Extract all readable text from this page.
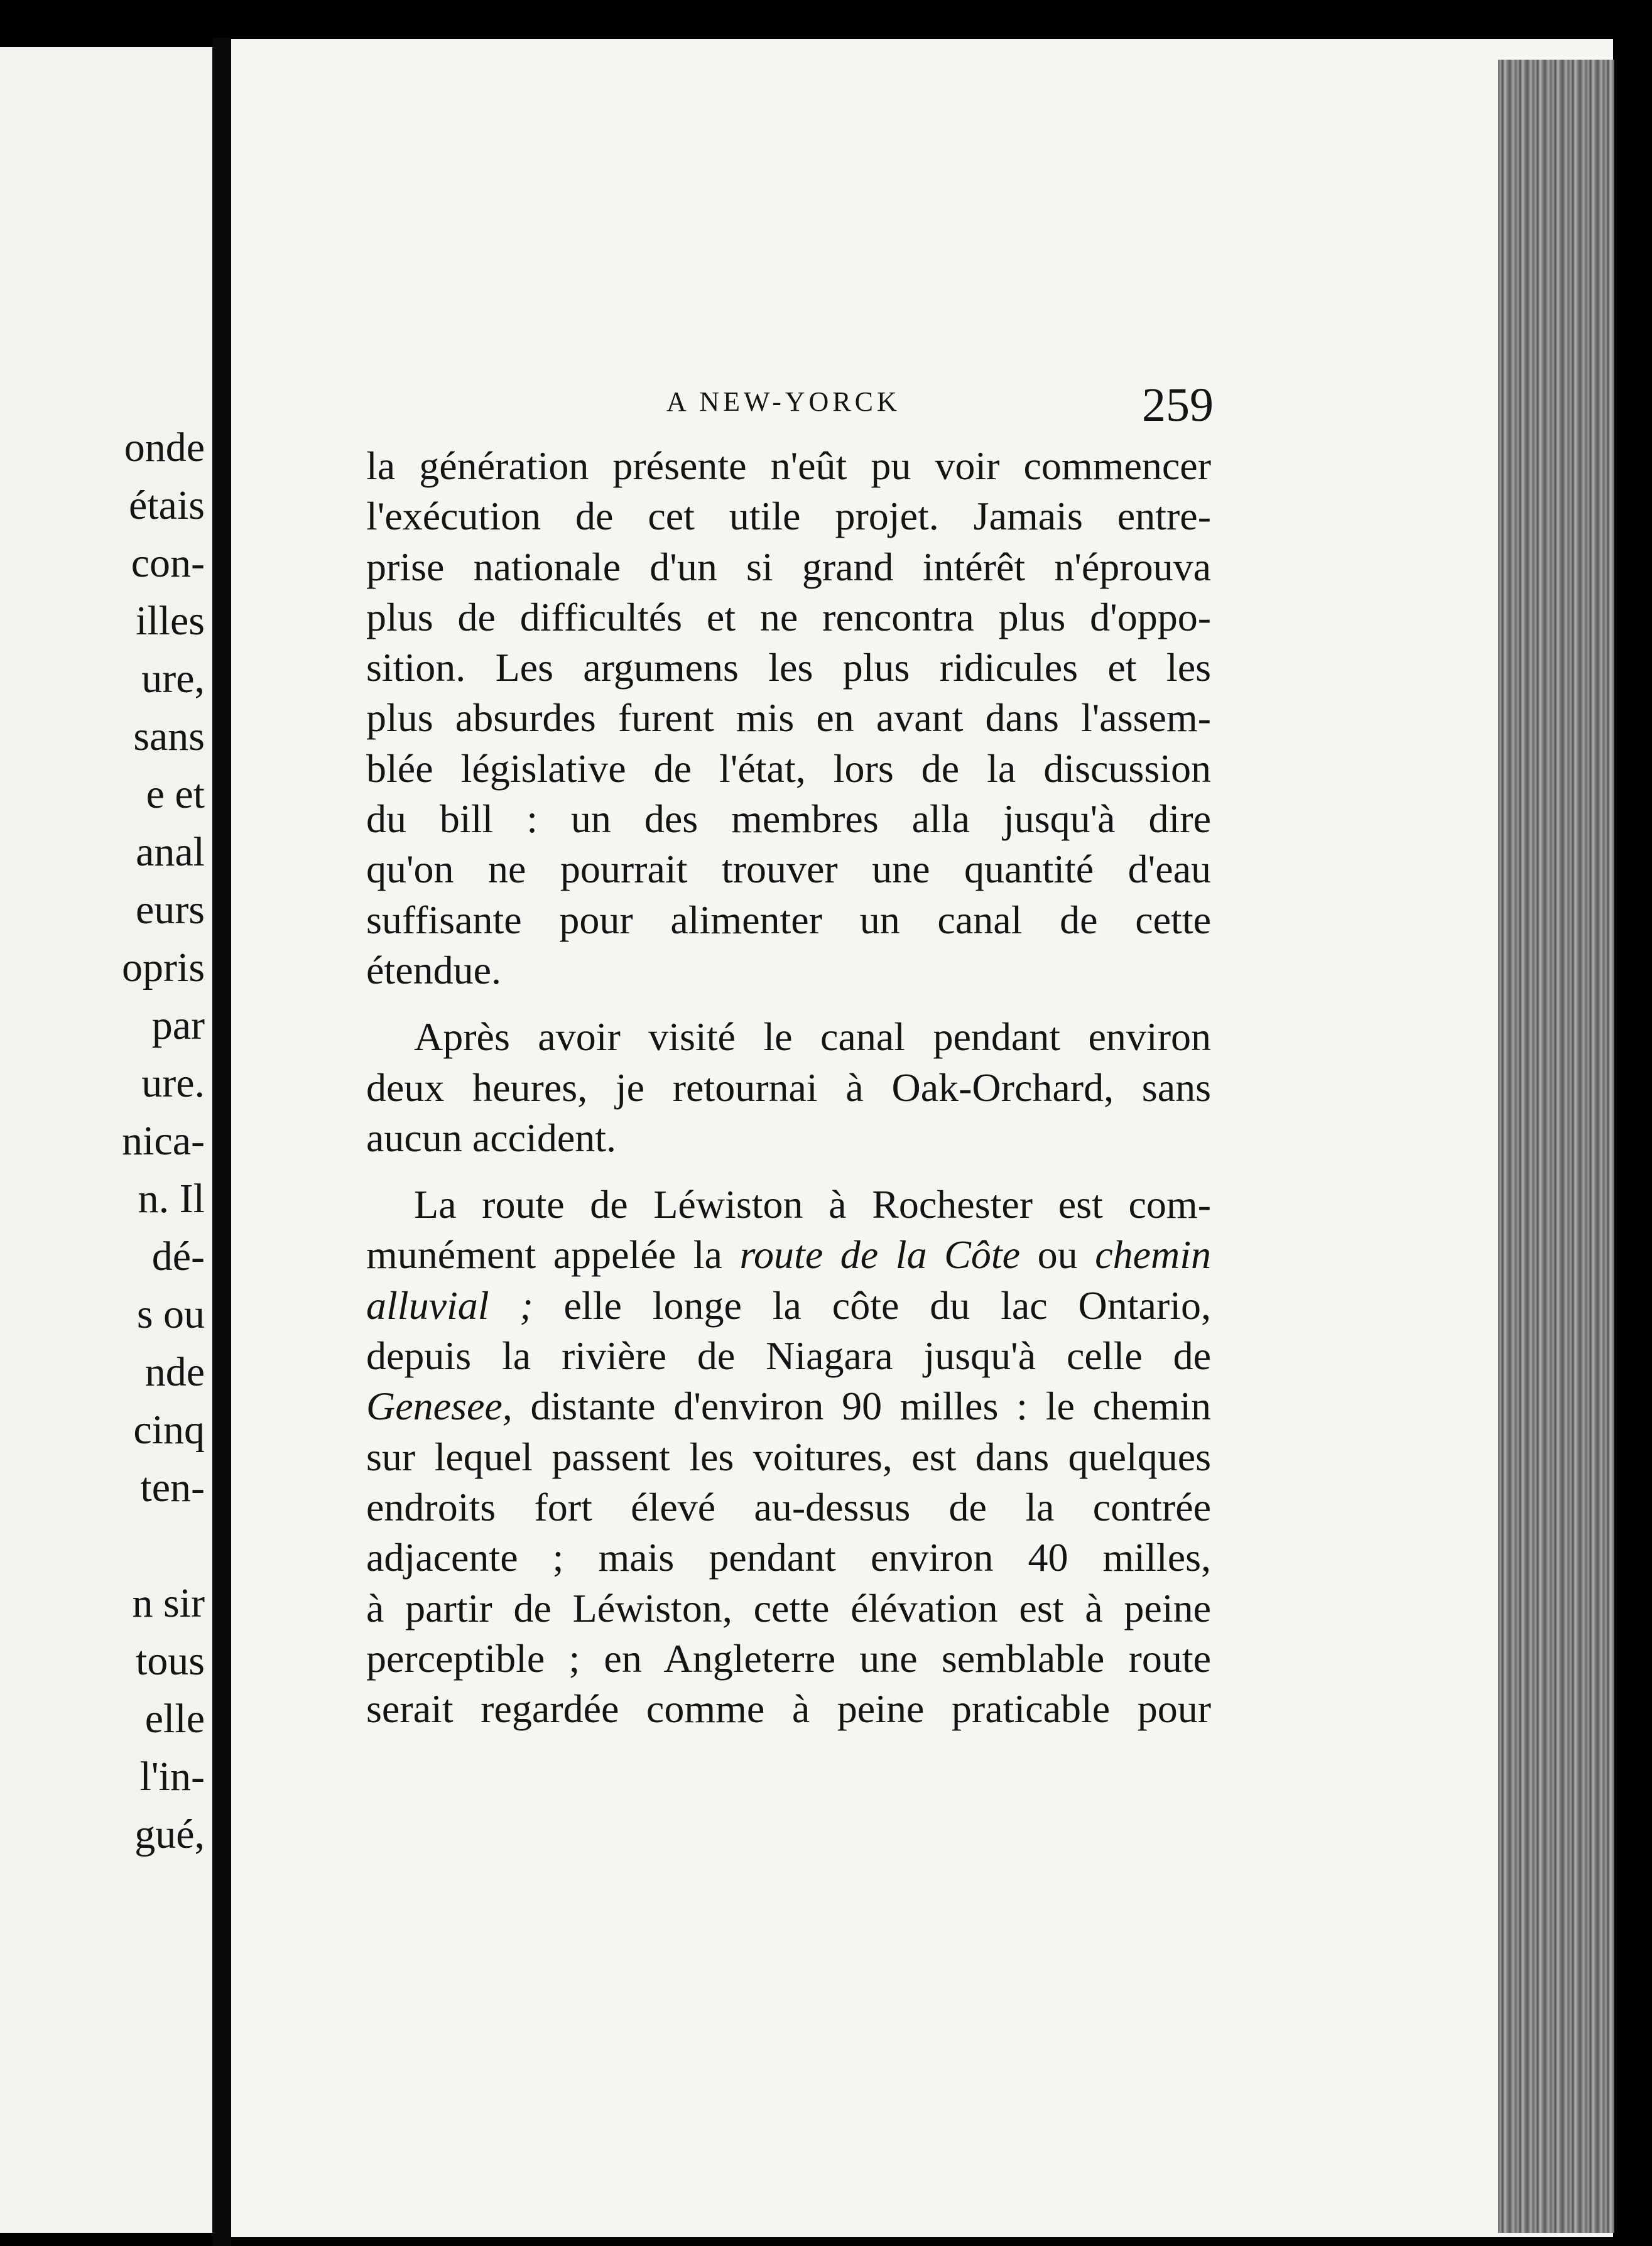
onde
étais
con-
illes
ure,
sans
e et
anal
eurs
opris
par
ure.
nica-
n. Il
dé-
s ou
nde
cinq
ten-
n sir
tous
elle
l'in-
gué,
A NEW-YORCK	259
la génération présente n'eût pu voir commencer
l'exécution de cet utile projet. Jamais entre-
prise nationale d'un si grand intérêt n'éprouva
plus de difficultés et ne rencontra plus d'oppo-
sition. Les argumens les plus ridicules et les
plus absurdes furent mis en avant dans l'assem-
blée législative de l'état, lors de la discussion
du bill : un des membres alla jusqu'à dire
qu'on ne pourrait trouver une quantité d'eau
suffisante pour alimenter un canal de cette
étendue.
Après avoir visité le canal pendant environ
deux heures, je retournai à Oak-Orchard, sans
aucun accident.
La route de Léwiston à Rochester est com-
munément appelée la route de la Côte ou chemin
alluvial ; elle longe la côte du lac Ontario,
depuis la rivière de Niagara jusqu'à celle de
Genesee, distante d'environ 90 milles : le chemin
sur lequel passent les voitures, est dans quelques
endroits fort élevé au-dessus de la contrée
adjacente ; mais pendant environ 40 milles,
à partir de Léwiston, cette élévation est à peine
perceptible ; en Angleterre une semblable route
serait regardée comme à peine praticable pour
